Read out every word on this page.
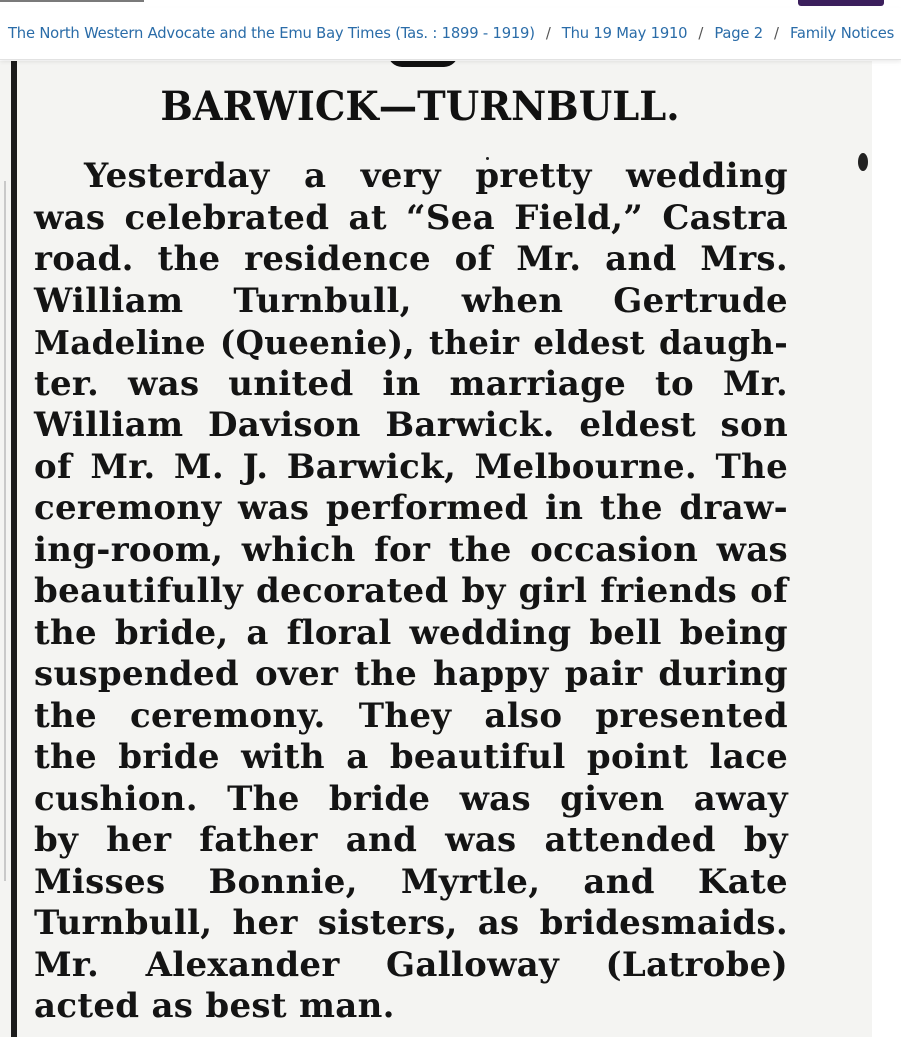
The North Western Advocate and the Emu Bay Times (Tas. : 1899 - 1919) / Thu 19 May 1910 / Page 2 / Family Notices
BARWICK—TURNBULL.
Yesterday a very pretty wedding
was celebrated at “Sea Field,” Castra
road. the residence of Mr. and Mrs.
William Turnbull, when Gertrude
Madeline (Queenie), their eldest daugh-
ter. was united in marriage to Mr.
William Davison Barwick. eldest son
of Mr. M. J. Barwick, Melbourne. The
ceremony was performed in the draw-
ing-room, which for the occasion was
beautifully decorated by girl friends of
the bride, a floral wedding bell being
suspended over the happy pair during
the ceremony. They also presented
the bride with a beautiful point lace
cushion. The bride was given away
by her father and was attended by
Misses Bonnie, Myrtle, and Kate
Turnbull, her sisters, as bridesmaids.
Mr. Alexander Galloway (Latrobe)
acted as best man.
